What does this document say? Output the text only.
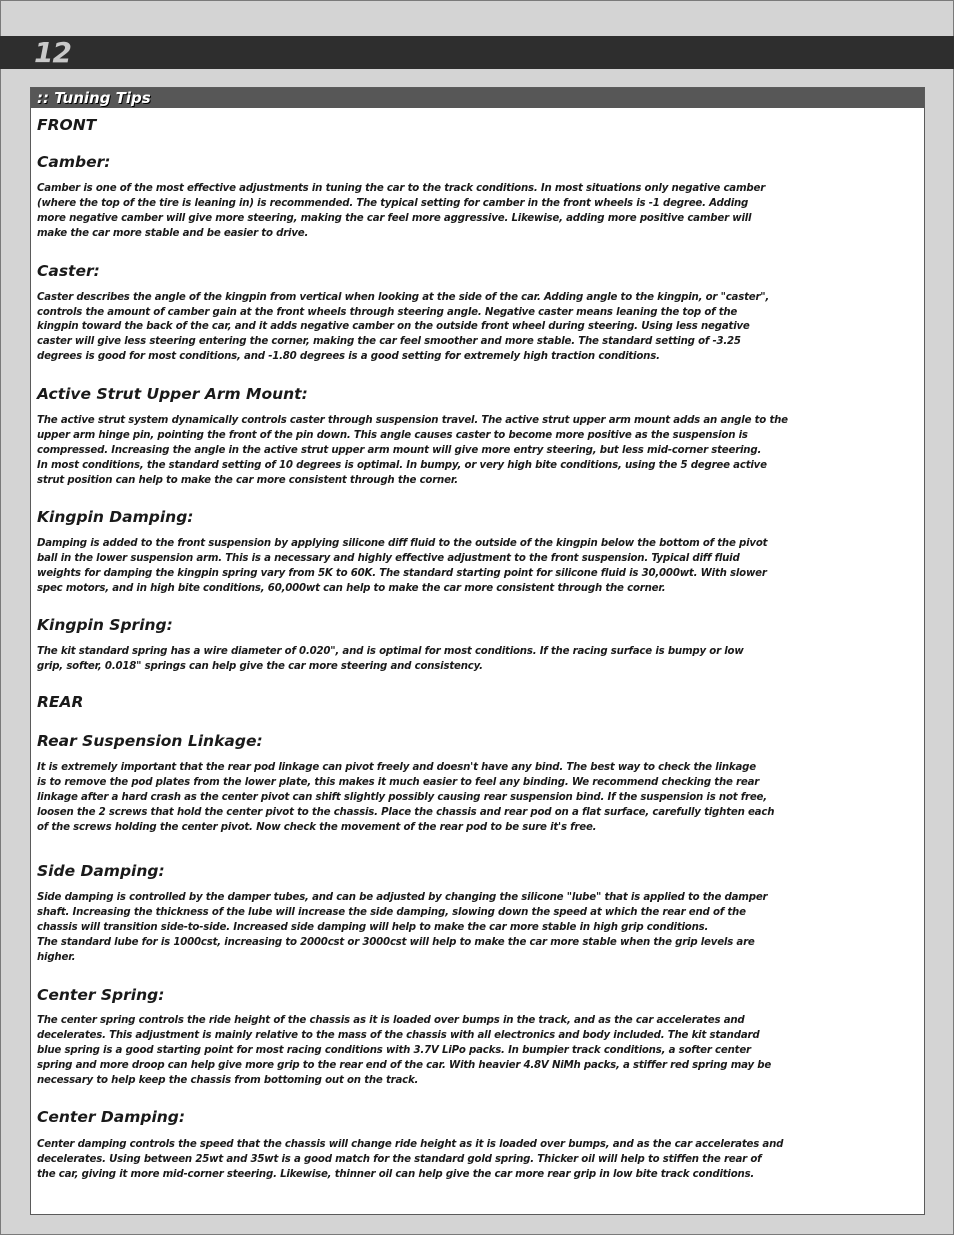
12
:: Tuning Tips
FRONT
Camber:
Camber is one of the most effective adjustments in tuning the car to the track conditions. In most situations only negative camber
(where the top of the tire is leaning in) is recommended. The typical setting for camber in the front wheels is -1 degree. Adding
more negative camber will give more steering, making the car feel more aggressive. Likewise, adding more positive camber will
make the car more stable and be easier to drive.
Caster:
Caster describes the angle of the kingpin from vertical when looking at the side of the car. Adding angle to the kingpin, or "caster",
controls the amount of camber gain at the front wheels through steering angle. Negative caster means leaning the top of the
kingpin toward the back of the car, and it adds negative camber on the outside front wheel during steering. Using less negative
caster will give less steering entering the corner, making the car feel smoother and more stable. The standard setting of -3.25
degrees is good for most conditions, and -1.80 degrees is a good setting for extremely high traction conditions.
Active Strut Upper Arm Mount:
The active strut system dynamically controls caster through suspension travel. The active strut upper arm mount adds an angle to the
upper arm hinge pin, pointing the front of the pin down. This angle causes caster to become more positive as the suspension is
compressed. Increasing the angle in the active strut upper arm mount will give more entry steering, but less mid-corner steering.
In most conditions, the standard setting of 10 degrees is optimal. In bumpy, or very high bite conditions, using the 5 degree active
strut position can help to make the car more consistent through the corner.
Kingpin Damping:
Damping is added to the front suspension by applying silicone diff fluid to the outside of the kingpin below the bottom of the pivot
ball in the lower suspension arm. This is a necessary and highly effective adjustment to the front suspension. Typical diff fluid
weights for damping the kingpin spring vary from 5K to 60K. The standard starting point for silicone fluid is 30,000wt. With slower
spec motors, and in high bite conditions, 60,000wt can help to make the car more consistent through the corner.
Kingpin Spring:
The kit standard spring has a wire diameter of 0.020", and is optimal for most conditions. If the racing surface is bumpy or low
grip, softer, 0.018" springs can help give the car more steering and consistency.
REAR
Rear Suspension Linkage:
It is extremely important that the rear pod linkage can pivot freely and doesn't have any bind. The best way to check the linkage
is to remove the pod plates from the lower plate, this makes it much easier to feel any binding. We recommend checking the rear
linkage after a hard crash as the center pivot can shift slightly possibly causing rear suspension bind. If the suspension is not free,
loosen the 2 screws that hold the center pivot to the chassis. Place the chassis and rear pod on a flat surface, carefully tighten each
of the screws holding the center pivot. Now check the movement of the rear pod to be sure it's free.
Side Damping:
Side damping is controlled by the damper tubes, and can be adjusted by changing the silicone "lube" that is applied to the damper
shaft. Increasing the thickness of the lube will increase the side damping, slowing down the speed at which the rear end of the
chassis will transition side-to-side. Increased side damping will help to make the car more stable in high grip conditions.
The standard lube for is 1000cst, increasing to 2000cst or 3000cst will help to make the car more stable when the grip levels are
higher.
Center Spring:
The center spring controls the ride height of the chassis as it is loaded over bumps in the track, and as the car accelerates and
decelerates. This adjustment is mainly relative to the mass of the chassis with all electronics and body included. The kit standard
blue spring is a good starting point for most racing conditions with 3.7V LiPo packs. In bumpier track conditions, a softer center
spring and more droop can help give more grip to the rear end of the car. With heavier 4.8V NiMh packs, a stiffer red spring may be
necessary to help keep the chassis from bottoming out on the track.
Center Damping:
Center damping controls the speed that the chassis will change ride height as it is loaded over bumps, and as the car accelerates and
decelerates. Using between 25wt and 35wt is a good match for the standard gold spring. Thicker oil will help to stiffen the rear of
the car, giving it more mid-corner steering. Likewise, thinner oil can help give the car more rear grip in low bite track conditions.
